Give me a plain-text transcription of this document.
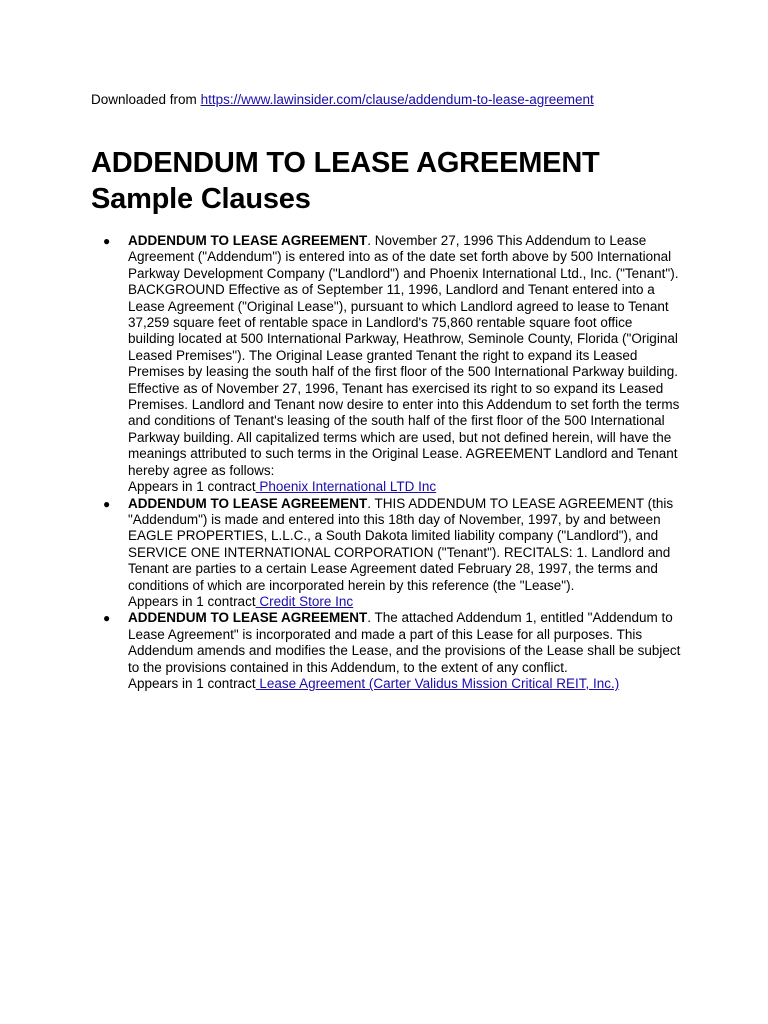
Downloaded from https://www.lawinsider.com/clause/addendum-to-lease-agreement

ADDENDUM TO LEASE AGREEMENT
Sample Clauses
● ADDENDUM TO LEASE AGREEMENT. November 27, 1996 This Addendum to Lease Agreement ("Addendum") is entered into as of the date set forth above by 500 International Parkway Development Company ("Landlord") and Phoenix International Ltd., Inc. ("Tenant"). BACKGROUND Effective as of September 11, 1996, Landlord and Tenant entered into a Lease Agreement ("Original Lease"), pursuant to which Landlord agreed to lease to Tenant 37,259 square feet of rentable space in Landlord's 75,860 rentable square foot office building located at 500 International Parkway, Heathrow, Seminole County, Florida ("Original Leased Premises"). The Original Lease granted Tenant the right to expand its Leased Premises by leasing the south half of the first floor of the 500 International Parkway building. Effective as of November 27, 1996, Tenant has exercised its right to so expand its Leased Premises. Landlord and Tenant now desire to enter into this Addendum to set forth the terms and conditions of Tenant's leasing of the south half of the first floor of the 500 International Parkway building. All capitalized terms which are used, but not defined herein, will have the meanings attributed to such terms in the Original Lease. AGREEMENT Landlord and Tenant hereby agree as follows:
Appears in 1 contract Phoenix International LTD Inc
● ADDENDUM TO LEASE AGREEMENT. THIS ADDENDUM TO LEASE AGREEMENT (this "Addendum") is made and entered into this 18th day of November, 1997, by and between EAGLE PROPERTIES, L.L.C., a South Dakota limited liability company ("Landlord"), and SERVICE ONE INTERNATIONAL CORPORATION ("Tenant"). RECITALS: 1. Landlord and Tenant are parties to a certain Lease Agreement dated February 28, 1997, the terms and conditions of which are incorporated herein by this reference (the "Lease").
Appears in 1 contract Credit Store Inc
● ADDENDUM TO LEASE AGREEMENT. The attached Addendum 1, entitled "Addendum to Lease Agreement" is incorporated and made a part of this Lease for all purposes. This Addendum amends and modifies the Lease, and the provisions of the Lease shall be subject to the provisions contained in this Addendum, to the extent of any conflict.
Appears in 1 contract Lease Agreement (Carter Validus Mission Critical REIT, Inc.)
